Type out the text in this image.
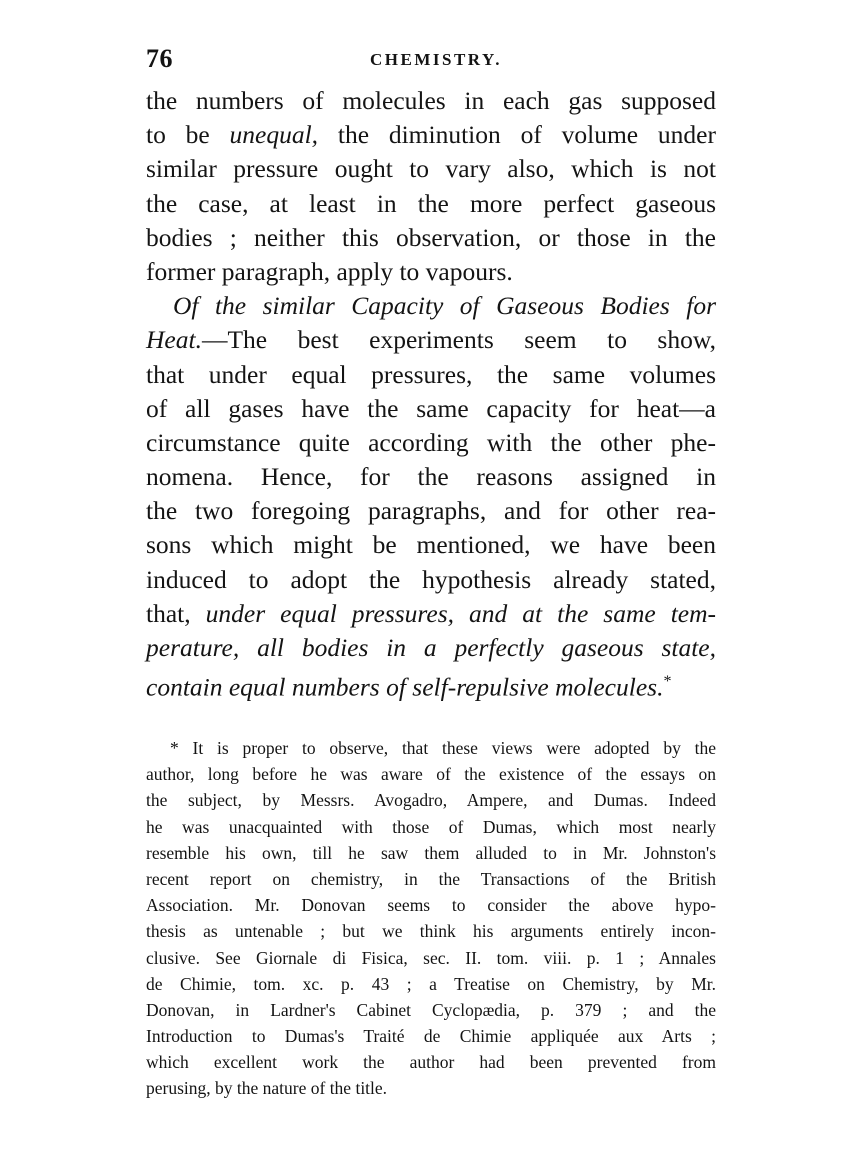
76	CHEMISTRY.
the numbers of molecules in each gas supposed
to be unequal, the diminution of volume under
similar pressure ought to vary also, which is not
the case, at least in the more perfect gaseous
bodies ; neither this observation, or those in the
former paragraph, apply to vapours.
Of the similar Capacity of Gaseous Bodies for
Heat.—The best experiments seem to show,
that under equal pressures, the same volumes
of all gases have the same capacity for heat—a
circumstance quite according with the other phe-
nomena. Hence, for the reasons assigned in
the two foregoing paragraphs, and for other rea-
sons which might be mentioned, we have been
induced to adopt the hypothesis already stated,
that, under equal pressures, and at the same tem-
perature, all bodies in a perfectly gaseous state,
contain equal numbers of self-repulsive molecules.*
* It is proper to observe, that these views were adopted by the
author, long before he was aware of the existence of the essays on
the subject, by Messrs. Avogadro, Ampere, and Dumas. Indeed
he was unacquainted with those of Dumas, which most nearly
resemble his own, till he saw them alluded to in Mr. Johnston's
recent report on chemistry, in the Transactions of the British
Association. Mr. Donovan seems to consider the above hypo-
thesis as untenable ; but we think his arguments entirely incon-
clusive. See Giornale di Fisica, sec. II. tom. viii. p. 1 ; Annales
de Chimie, tom. xc. p. 43 ; a Treatise on Chemistry, by Mr.
Donovan, in Lardner's Cabinet Cyclopædia, p. 379 ; and the
Introduction to Dumas's Traité de Chimie appliquée aux Arts ;
which excellent work the author had been prevented from
perusing, by the nature of the title.
